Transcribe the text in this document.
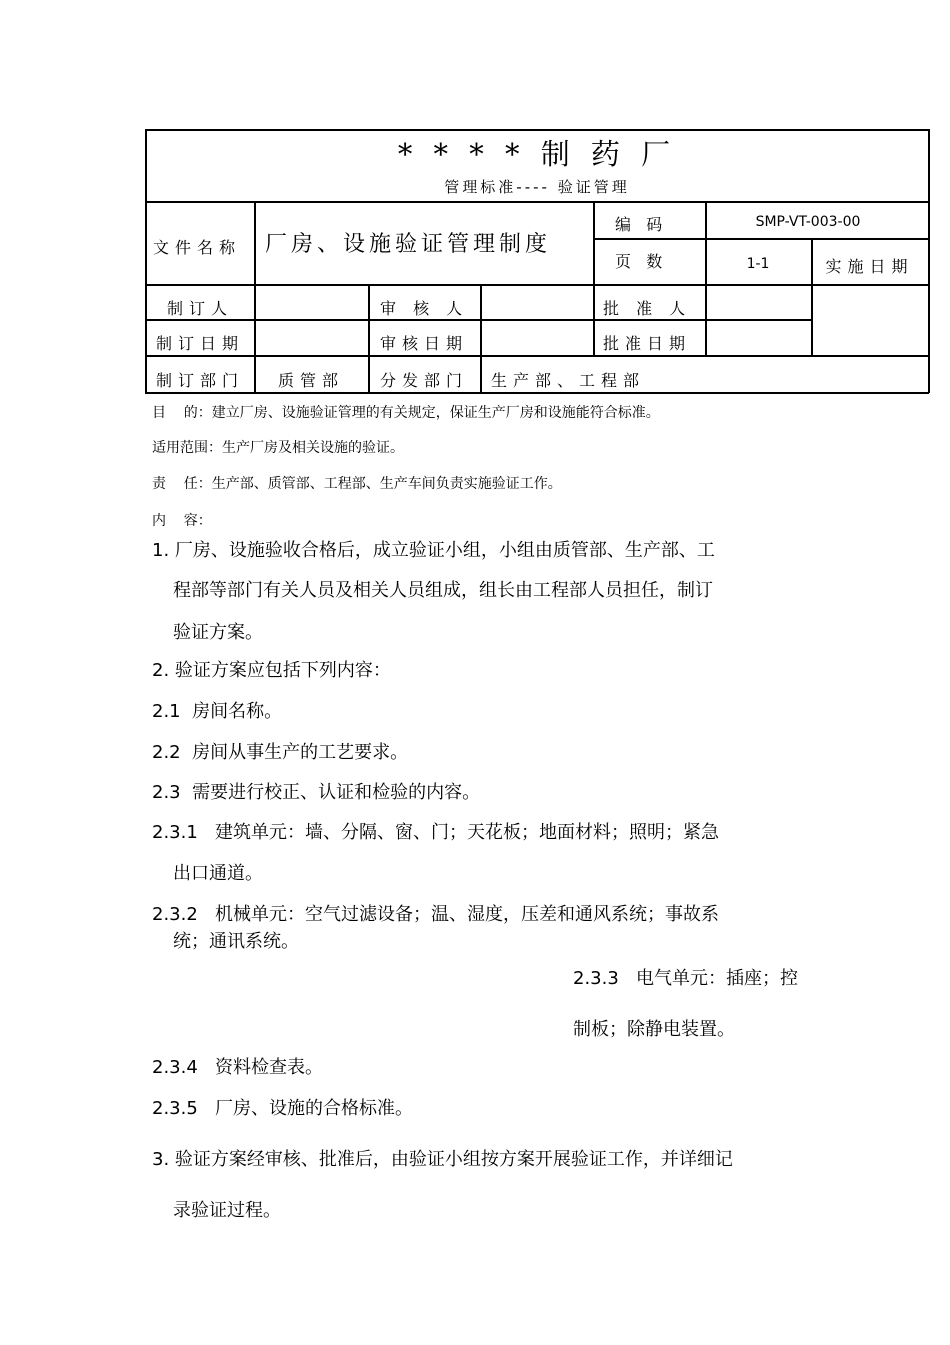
* * * * 制 药 厂
管理标准---- 验证管理
文件名称 厂房、设施验证管理制度
编   码	SMP-VT-003-00
页   数	1-1	实施日期
制订人	审 核 人	批 准 人
制订日期	审核日期	批准日期
制订部门	质管部	分发部门 生产部、工程部
目    的：建立厂房、设施验证管理的有关规定，保证生产厂房和设施能符合标准。
适用范围：生产厂房及相关设施的验证。
责    任：生产部、质管部、工程部、生产车间负责实施验证工作。
内    容：
1. 厂房、设施验收合格后，成立验证小组，小组由质管部、生产部、工
程部等部门有关人员及相关人员组成，组长由工程部人员担任，制订
验证方案。
2. 验证方案应包括下列内容：
2.1  房间名称。
2.2  房间从事生产的工艺要求。
2.3  需要进行校正、认证和检验的内容。
2.3.1   建筑单元：墙、分隔、窗、门；天花板；地面材料；照明；紧急
出口通道。
2.3.2   机械单元：空气过滤设备；温、湿度，压差和通风系统；事故系
统；通讯系统。
2.3.3   电气单元：插座；控
制板；除静电装置。
2.3.4   资料检查表。
2.3.5   厂房、设施的合格标准。
3. 验证方案经审核、批准后，由验证小组按方案开展验证工作，并详细记
录验证过程。
